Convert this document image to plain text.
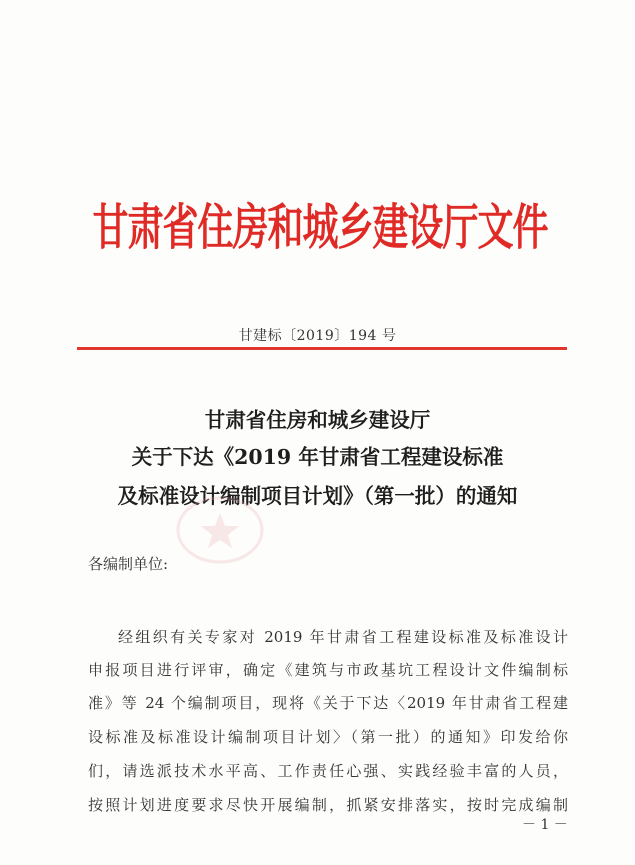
甘肃省住房和城乡建设厅文件
甘建标〔2019〕194 号
甘肃省住房和城乡建设厅
关于下达《2019 年甘肃省工程建设标准
及标准设计编制项目计划》（第一批）的通知
各编制单位:
经组织有关专家对 2019 年甘肃省工程建设标准及标准设计
申报项目进行评审，确定《建筑与市政基坑工程设计文件编制标
准》等 24 个编制项目，现将《关于下达〈2019 年甘肃省工程建
设标准及标准设计编制项目计划〉（第一批）的通知》印发给你
们，请选派技术水平高、工作责任心强、实践经验丰富的人员，
按照计划进度要求尽快开展编制，抓紧安排落实，按时完成编制
－ 1 －
